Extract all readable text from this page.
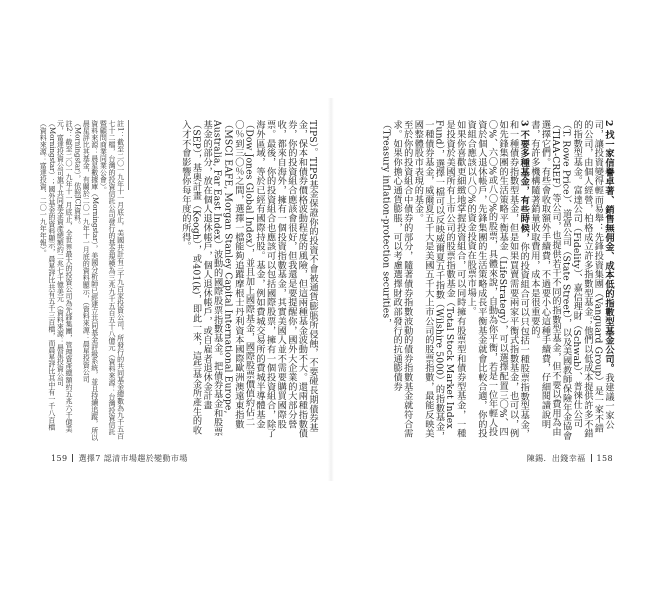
TIPS）。TIPS基金保證你的投資不會被通貨膨脹所侵蝕，不要碰長期債券基金，保本和債券價格波動程度的風險，但這兩種基金波動不大。還兩種指數債券，你的投資組合應該會很好，但我還是要提醒你，國外大企業的大部分營收，都來自海外，擁有一個投資指數基金，其實美國人並不需要購買國際股票。最後，你的投資組合也應該可以包括國際股票，擁有一個投資組合，除了海外區域，等於已經有國際持股。基金，例如費城交易所的費城半導體基金（Dow Jones Global Index），並且加上國際基金，國際股票價值約佔二〇％到三〇％之間，選擇一檔能夠追蹤摩根士丹利資本國際歐洲澳遠東指數（MSCI EAFE, Morgan Stanley Capital International Europe, Australia, Far East Index）波動的國際股票指數基金。把債券基金和股票基金的部分，放在個人退休帳戶，個人退休帳戶，或自雇者退休金計畫（SEP），基奧計畫（Keogh），或401(k)，即此一來，這些基金所產生的收入才不會影響你每年度的所得。

註1：截至二〇一九年十一月底止，美國共計有三千九百家投資公司，所發行的共同基金總數為九千五百七十二檔，台灣的投資信託公司發行的基金規模為三兆九千五百五十八億元（資料來源：台灣投資信託暨顧問商業同業公會）。
資料來源：晨星數據庫（Morningstar），美國分析師已經建立共同基金評級系統，並且持續追蹤，所以晨星評比其基金，有關於二〇一九年十一月底的資料顯示，（資料來源：晨星投資公司（Morningstar），依照ICI資料。
註2：截至二〇一九年十一月底止，全世界最大的投資公司為先鋒集團，管理資產總額約五兆六千億美元，富達投資公司旗下共同基金資產總額約二兆七千億美元（資料來源：晨星投資公司（Morningstar）；國外基金的資料顯示，晨星評比共有五千三百檔，而晨星評比其中有一千八百檔（資料來源：富達投資、二〇一九年年報）。
159 選擇7 認清市場趨於變動市場

2 找一家信譽卓著、銷售無佣金、成本低的指數型基金公司。我建議一家公司，讓投資變得輕而易舉：先鋒投資集團（Vanguard Group）是一家不錯的公司，由個人經營，柏格成立許多指數型基金；他們以低成本提供許多不錯的指數型基金。富達公司（Fidelity）、嘉信理財（Schwab）、普徠仕公司（T. Rowe Price）、道富公司（State Street），以及美國教師保險年金協會（TIAA-CREF）等公司，也提供若干不同的指數型基金，但不要以費用為由選擇它們。有些會收取額外手續費，不過要小心這種手續費，仔細閱讀說明書，有許多機構隨著銷量收取費用，成本是很重要的。

3 不要多種基金，有些時候，你的投資組合可以只包括一種股票指數型基金，和一種債券指數型基金，但是如果買賣需要兩家平衡式指數基金，也可以，例如先鋒集團的生活策略平衡基金（LifeStrategy），可以選擇配置三〇%、四〇%、六〇%或八〇%的股票，具體來說，自動為你平衡，若是一位年輕人投資於個人退休帳戶，先鋒集團的生活策略成長平衡基金就會比較合適，你的投資組合應該以八〇%的資金投資在股票市場上。

如果你喜歡更細緻地掌握投資組合，可以同時擁有股票型和債券型基金，一種是投資於美國所有上市公司的股票指數基金（Total Stock Market Index Fund），選擇一檔可以反映威爾夏五千指數（Wilshire 5000）的指數基金，一種債券基金，威爾夏五千大是美國五千大上市公司的股票指數，最能反映美國整體股市表現的基金。

至於你的投資組合中債券的部分，隨著債券指數波動的債券指數基金就符合需求。如果你擔心通貨膨脹，可以考慮選擇財政部發行的抗通膨債券（Treasury inflation-protection securities，

陳錫．出錢幸福 158
